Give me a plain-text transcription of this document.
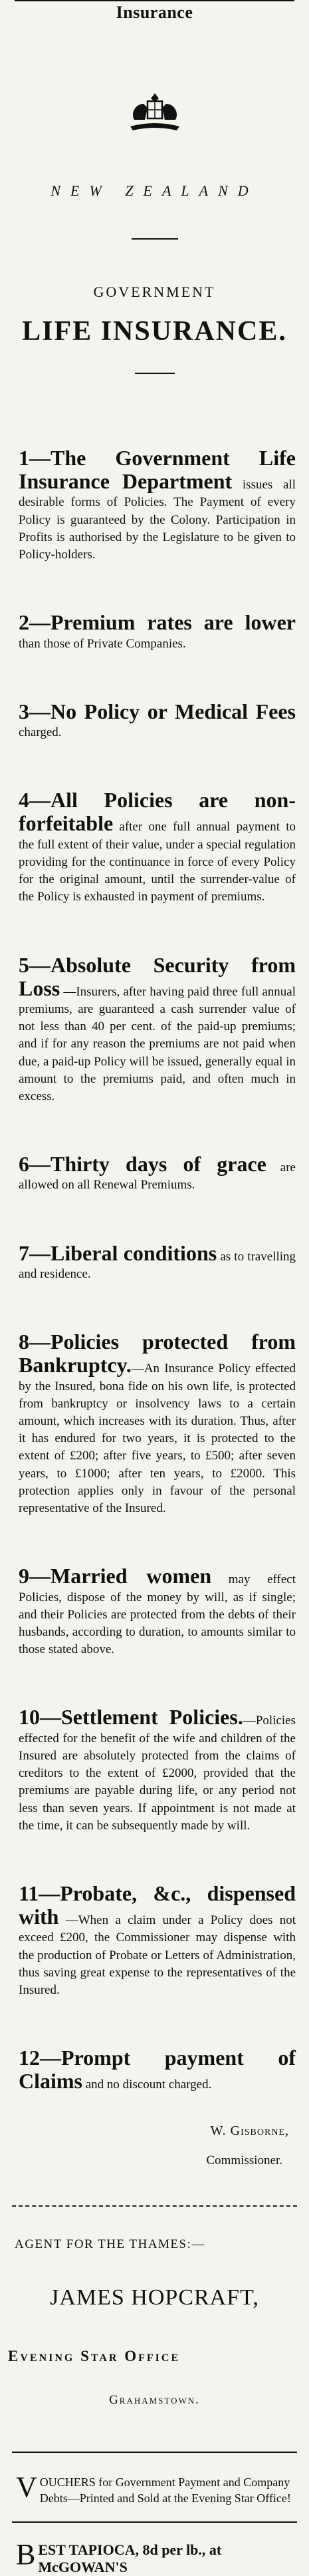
Insurance
NEW ZEALAND
GOVERNMENT
LIFE INSURANCE.
1—The Government Life Insurance Department issues all desirable forms of Policies. The Payment of every Policy is guaranteed by the Colony. Participation in Profits is authorised by the Legislature to be given to Policy-holders.
2—Premium rates are lower than those of Private Companies.
3—No Policy or Medical Fees charged.
4—All Policies are non-forfeitable after one full annual payment to the full extent of their value, under a special regulation providing for the continuance in force of every Policy for the original amount, until the surrender-value of the Policy is exhausted in payment of premiums.
5—Absolute Security from Loss —Insurers, after having paid three full annual premiums, are guaranteed a cash surrender value of not less than 40 per cent. of the paid-up premiums; and if for any reason the premiums are not paid when due, a paid-up Policy will be issued, generally equal in amount to the premiums paid, and often much in excess.
6—Thirty days of grace are allowed on all Renewal Premiums.
7—Liberal conditions as to travelling and residence.
8—Policies protected from Bankruptcy.—An Insurance Policy effected by the Insured, bona fide on his own life, is protected from bankruptcy or insolvency laws to a certain amount, which increases with its duration. Thus, after it has endured for two years, it is protected to the extent of £200; after five years, to £500; after seven years, to £1000; after ten years, to £2000. This protection applies only in favour of the personal representative of the Insured.
9—Married women may effect Policies, dispose of the money by will, as if single; and their Policies are protected from the debts of their husbands, according to duration, to amounts similar to those stated above.
10—Settlement Policies.—Policies effected for the benefit of the wife and children of the Insured are absolutely protected from the claims of creditors to the extent of £2000, provided that the premiums are payable during life, or any period not less than seven years. If appointment is not made at the time, it can be subsequently made by will.
11—Probate, &c., dispensed with —When a claim under a Policy does not exceed £200, the Commissioner may dispense with the production of Probate or Letters of Administration, thus saving great expense to the representatives of the Insured.
12—Prompt payment of Claims and no discount charged.
W. Gisborne,
Commissioner.
AGENT FOR THE THAMES:—
JAMES HOPCRAFT,
Evening Star Office
Grahamstown.
VOUCHERS for Government Payment and Company Debts—Printed and Sold at the Evening Star Office!
BEST TAPIOCA, 8d per lb., at McGOWAN'S
